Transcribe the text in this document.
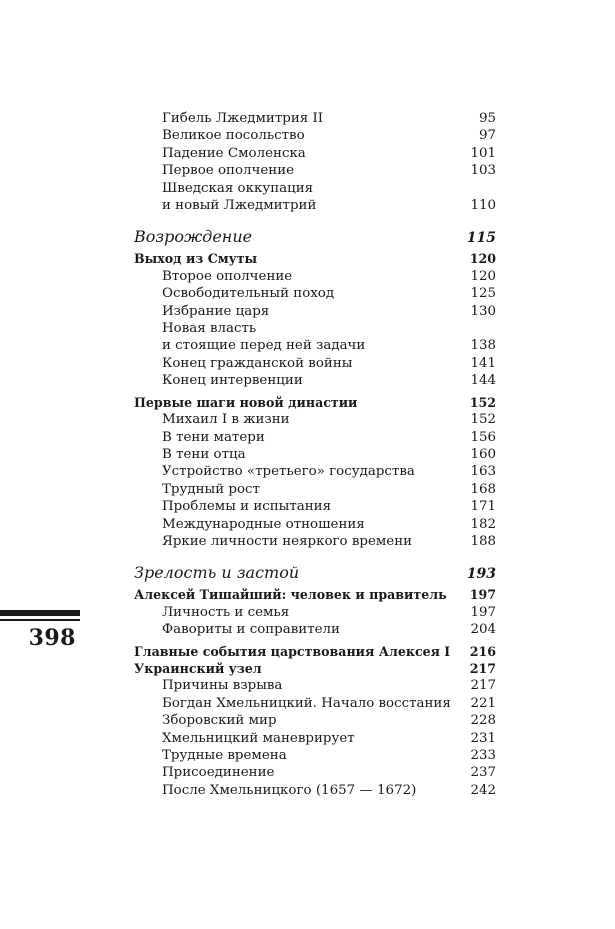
Гибель Лжедмитрия II	95
Великое посольство	97
Падение Смоленска	101
Первое ополчение	103
Шведская оккупация
и новый Лжедмитрий	110
Возрождение	115
Выход из Смуты	120
Второе ополчение	120
Освободительный поход	125
Избрание царя	130
Новая власть
и стоящие перед ней задачи	138
Конец гражданской войны	141
Конец интервенции	144
Первые шаги новой династии	152
Михаил I в жизни	152
В тени матери	156
В тени отца	160
Устройство «третьего» государства	163
Трудный рост	168
Проблемы и испытания	171
Международные отношения	182
Яркие личности неяркого времени	188
Зрелость и застой	193
Алексей Тишайший: человек и правитель 197
Личность и семья	197
Фавориты и соправители	204
Главные события царствования Алексея I 216
Украинский узел	217
Причины взрыва	217
Богдан Хмельницкий. Начало восстания 221
Зборовский мир	228
Хмельницкий маневрирует	231
Трудные времена	233
Присоединение	237
После Хмельницкого (1657 — 1672)	242
398
